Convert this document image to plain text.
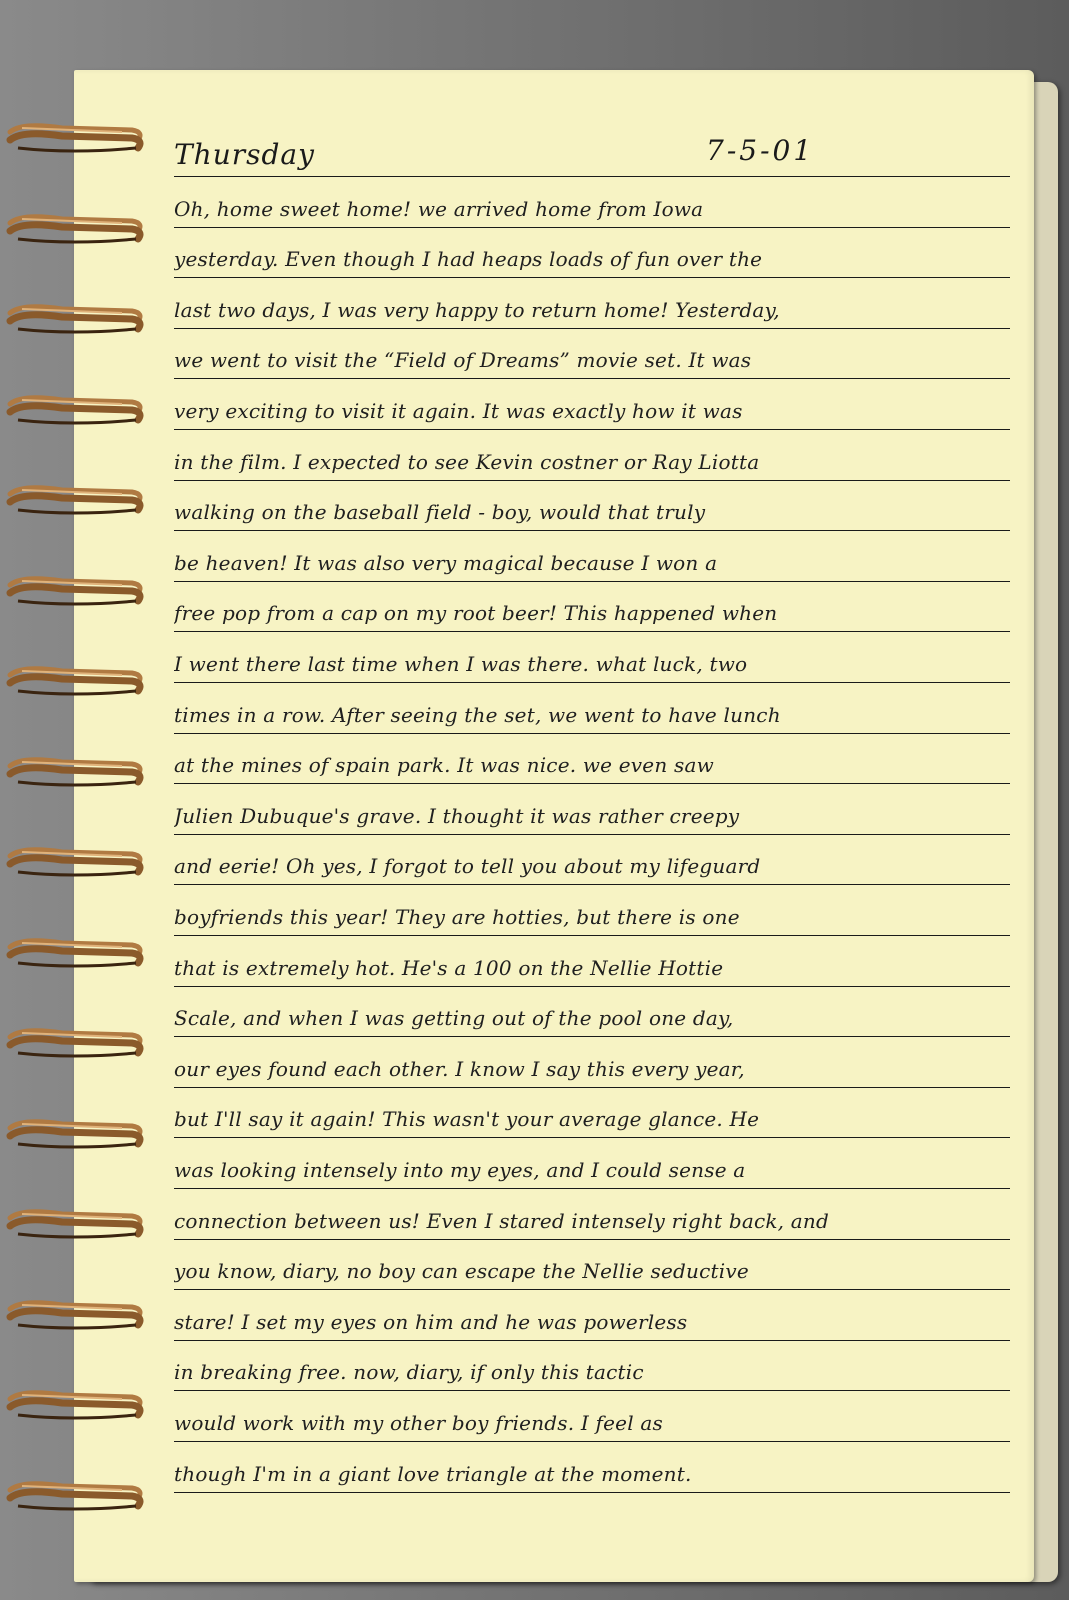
Thursday	7-5-01
Oh, home sweet home! we arrived home from Iowa
yesterday. Even though I had heaps loads of fun over the
last two days, I was very happy to return home! Yesterday,
we went to visit the “Field of Dreams” movie set. It was
very exciting to visit it again. It was exactly how it was
in the film. I expected to see Kevin costner or Ray Liotta
walking on the baseball field - boy, would that truly
be heaven! It was also very magical because I won a
free pop from a cap on my root beer! This happened when
I went there last time when I was there. what luck, two
times in a row. After seeing the set, we went to have lunch
at the mines of spain park. It was nice. we even saw
Julien Dubuque's grave. I thought it was rather creepy
and eerie! Oh yes, I forgot to tell you about my lifeguard
boyfriends this year! They are hotties, but there is one
that is extremely hot. He's a 100 on the Nellie Hottie
Scale, and when I was getting out of the pool one day,
our eyes found each other. I know I say this every year,
but I'll say it again! This wasn't your average glance. He
was looking intensely into my eyes, and I could sense a
connection between us! Even I stared intensely right back, and
you know, diary, no boy can escape the Nellie seductive
stare! I set my eyes on him and he was powerless
in breaking free. now, diary, if only this tactic
would work with my other boy friends. I feel as
though I'm in a giant love triangle at the moment.
